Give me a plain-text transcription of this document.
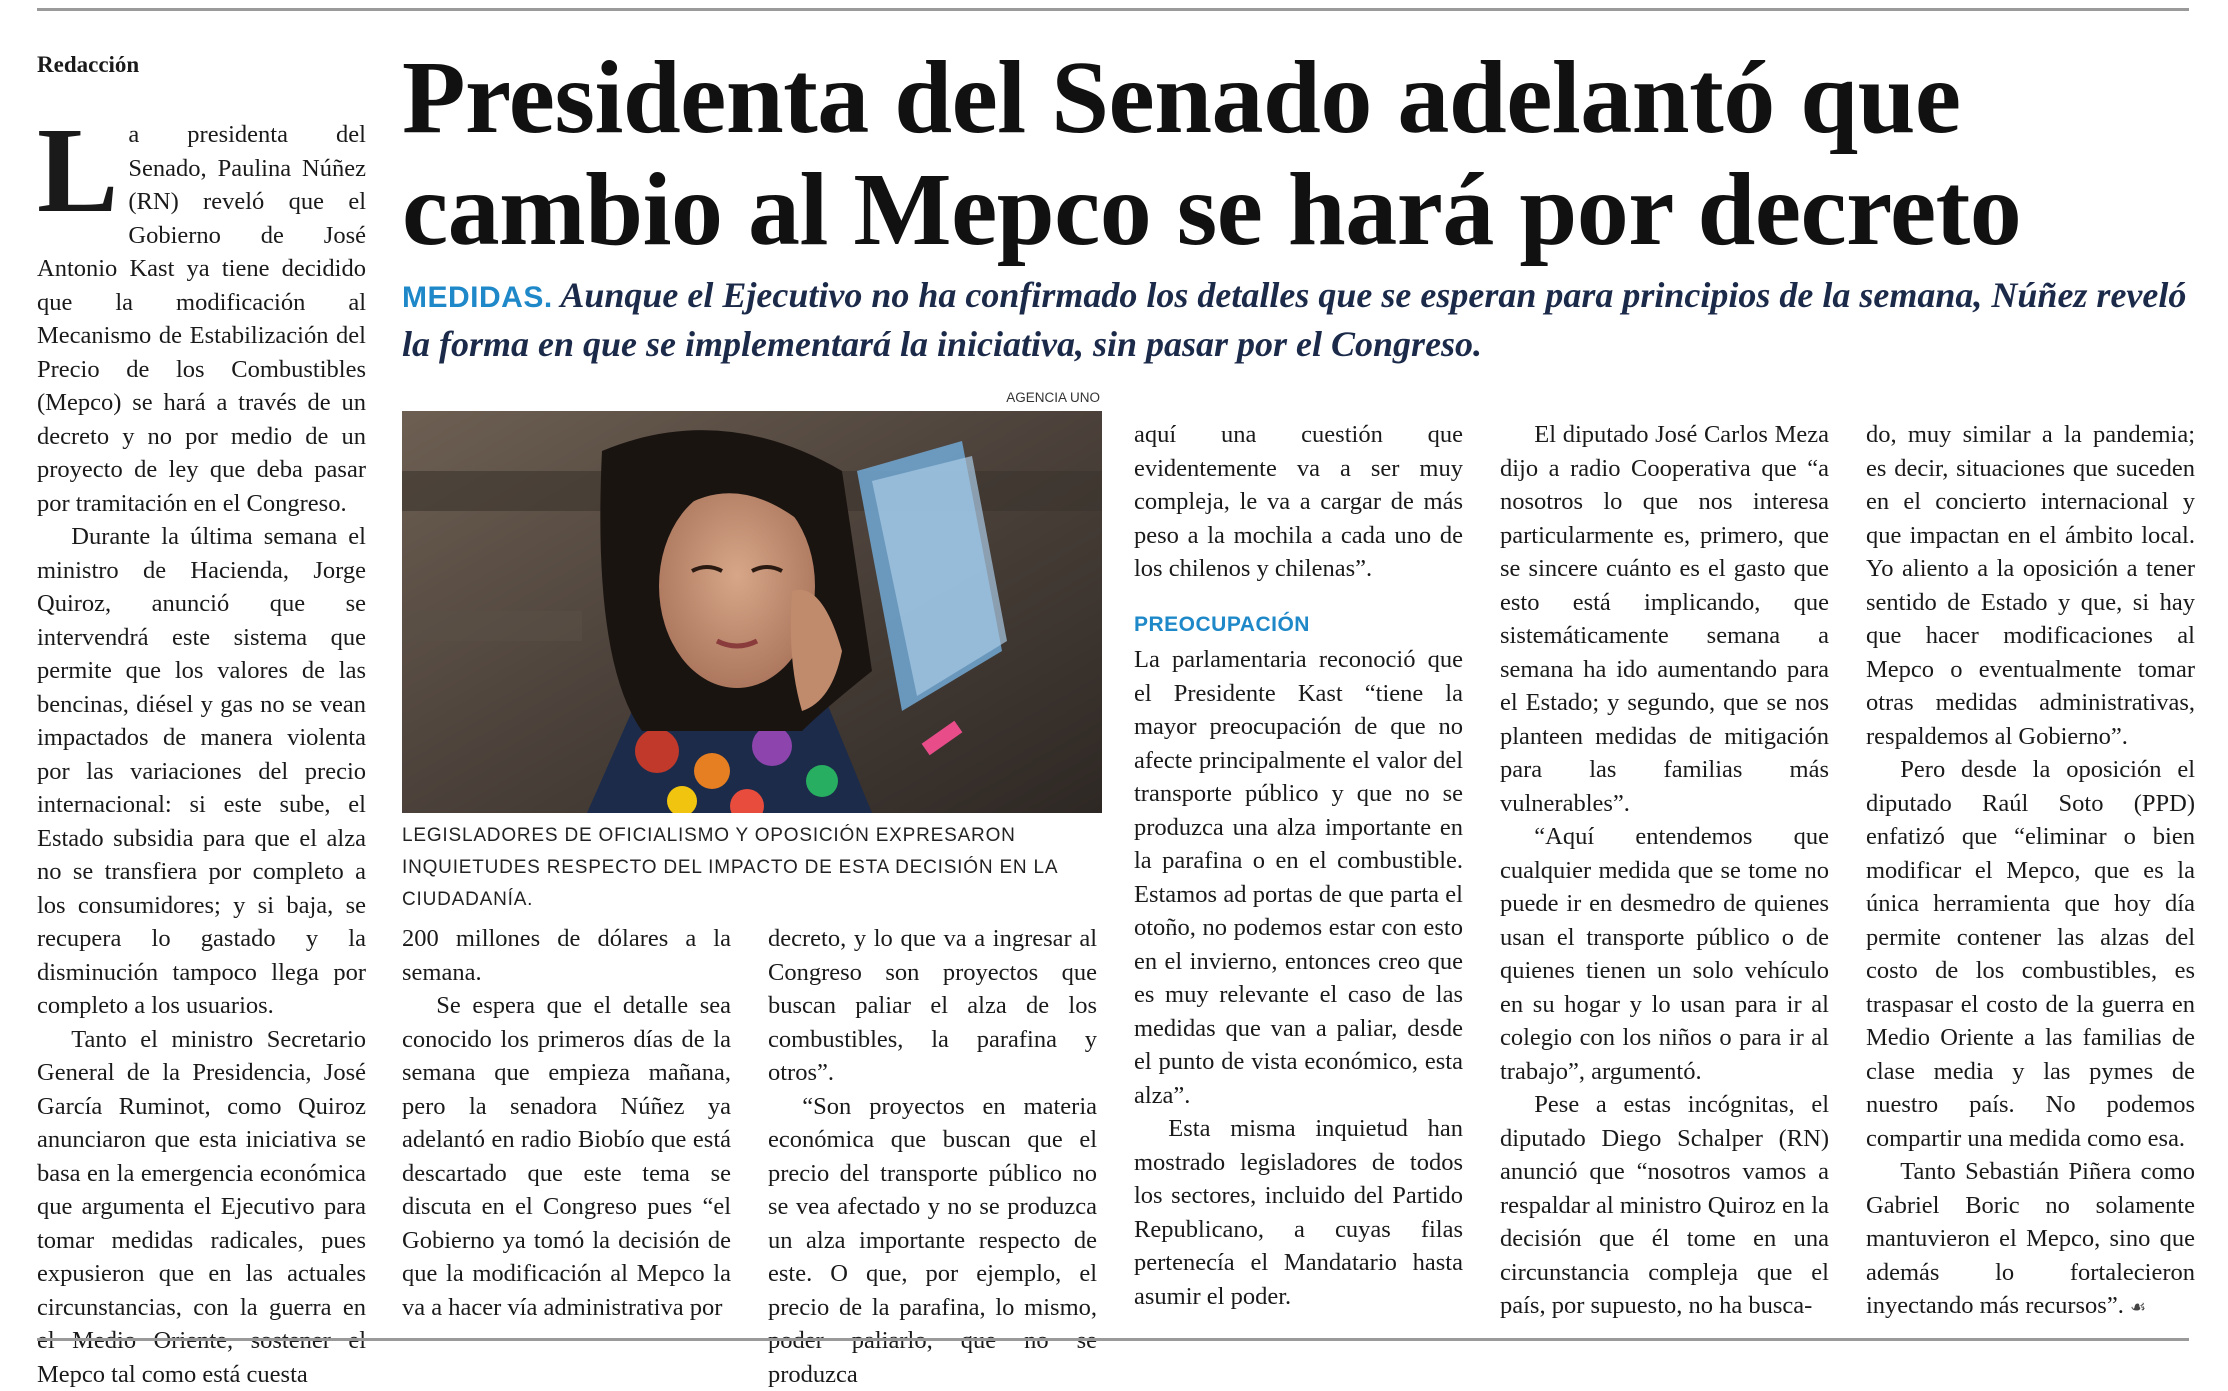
Redacción

La presidenta del Senado, Paulina Núñez (RN) reveló que el Gobierno de José Antonio Kast ya tiene decidido que la modificación al Mecanismo de Estabilización del Precio de los Combustibles (Mepco) se hará a través de un decreto y no por medio de un proyecto de ley que deba pasar por tramitación en el Congreso.

Durante la última semana el ministro de Hacienda, Jorge Quiroz, anunció que se intervendrá este sistema que permite que los valores de las bencinas, diésel y gas no se vean impactados de manera violenta por las variaciones del precio internacional: si este sube, el Estado subsidia para que el alza no se transfiera por completo a los consumidores; y si baja, se recupera lo gastado y la disminución tampoco llega por completo a los usuarios.

Tanto el ministro Secretario General de la Presidencia, José García Ruminot, como Quiroz anunciaron que esta iniciativa se basa en la emergencia económica que argumenta el Ejecutivo para tomar medidas radicales, pues expusieron que en las actuales circunstancias, con la guerra en Mepco tal como está cuesta

Presidenta del Senado adelantó que cambio al Mepco se hará por decreto
MEDIDAS. Aunque el Ejecutivo no ha confirmado los detalles que se esperan para principios de la semana, Núñez reveló la forma en que se implementará la iniciativa, sin pasar por el Congreso.
AGENCIA UNO
LEGISLADORES DE OFICIALISMO Y OPOSICIÓN EXPRESARON INQUIETUDES RESPECTO DEL IMPACTO DE ESTA DECISIÓN EN LA CIUDADANÍA.

200 millones de dólares a la semana.

Se espera que el detalle sea conocido los primeros días de la semana que empieza mañana, pero la senadora Núñez ya adelantó en radio Biobío que está descartado que este tema se discuta en el Congreso pues “el Gobierno ya tomó la decisión de que la modificación al Mepco la va a hacer vía administrativa por

decreto, y lo que va a ingresar al Congreso son proyectos que buscan paliar el alza de los combustibles, la parafina y otros”.

“Son proyectos en materia económica que buscan que el precio del transporte público no se vea afectado y no se produzca un alza importante respecto de este. O que, por ejemplo, el precio de la parafina, lo mismo, produzca

aquí una cuestión que evidentemente va a ser muy compleja, le va a cargar de más peso a la mochila a cada uno de los chilenos y chilenas”.

PREOCUPACIÓN

La parlamentaria reconoció que el Presidente Kast “tiene la mayor preocupación de que no afecte principalmente el valor del transporte público y que no se produzca una alza importante en la parafina o en el combustible. Estamos ad portas de que parta el otoño, no podemos estar con esto en el invierno, entonces creo que es muy relevante el caso de las medidas que van a paliar, desde el punto de vista económico, esta alza”.

Esta misma inquietud han mostrado legisladores de todos los sectores, incluido del Partido Republicano, a cuyas filas pertenecía el Mandatario hasta asumir el poder.

El diputado José Carlos Meza dijo a radio Cooperativa que “a nosotros lo que nos interesa particularmente es, primero, que se sincere cuánto es el gasto que esto está implicando, que sistemáticamente semana a semana ha ido aumentando para el Estado; y segundo, que se nos planteen medidas de mitigación para las familias más vulnerables”.

“Aquí entendemos que cualquier medida que se tome no puede ir en desmedro de quienes usan el transporte público o de quienes tienen un solo vehículo en su hogar y lo usan para ir al colegio con los niños o para ir al trabajo”, argumentó.

Pese a estas incógnitas, el diputado Diego Schalper (RN) anunció que “nosotros vamos a respaldar al ministro Quiroz en la decisión que él tome en una circunstancia compleja que el país, por supuesto, no ha busca-

do, muy similar a la pandemia; es decir, situaciones que suceden en el concierto internacional y que impactan en el ámbito local. Yo aliento a la oposición a tener sentido de Estado y que, si hay que hacer modificaciones al Mepco o eventualmente tomar otras medidas administrativas, respaldemos al Gobierno”.

Pero desde la oposición el diputado Raúl Soto (PPD) enfatizó que “eliminar o bien modificar el Mepco, que es la única herramienta que hoy día permite contener las alzas del costo de los combustibles, es traspasar el costo de la guerra en Medio Oriente a las familias de clase media y las pymes de nuestro país. No podemos compartir una medida como esa.

Tanto Sebastián Piñera como Gabriel Boric no solamente mantuvieron el Mepco, sino que además lo fortalecieron inyectando más recursos”. ☙
